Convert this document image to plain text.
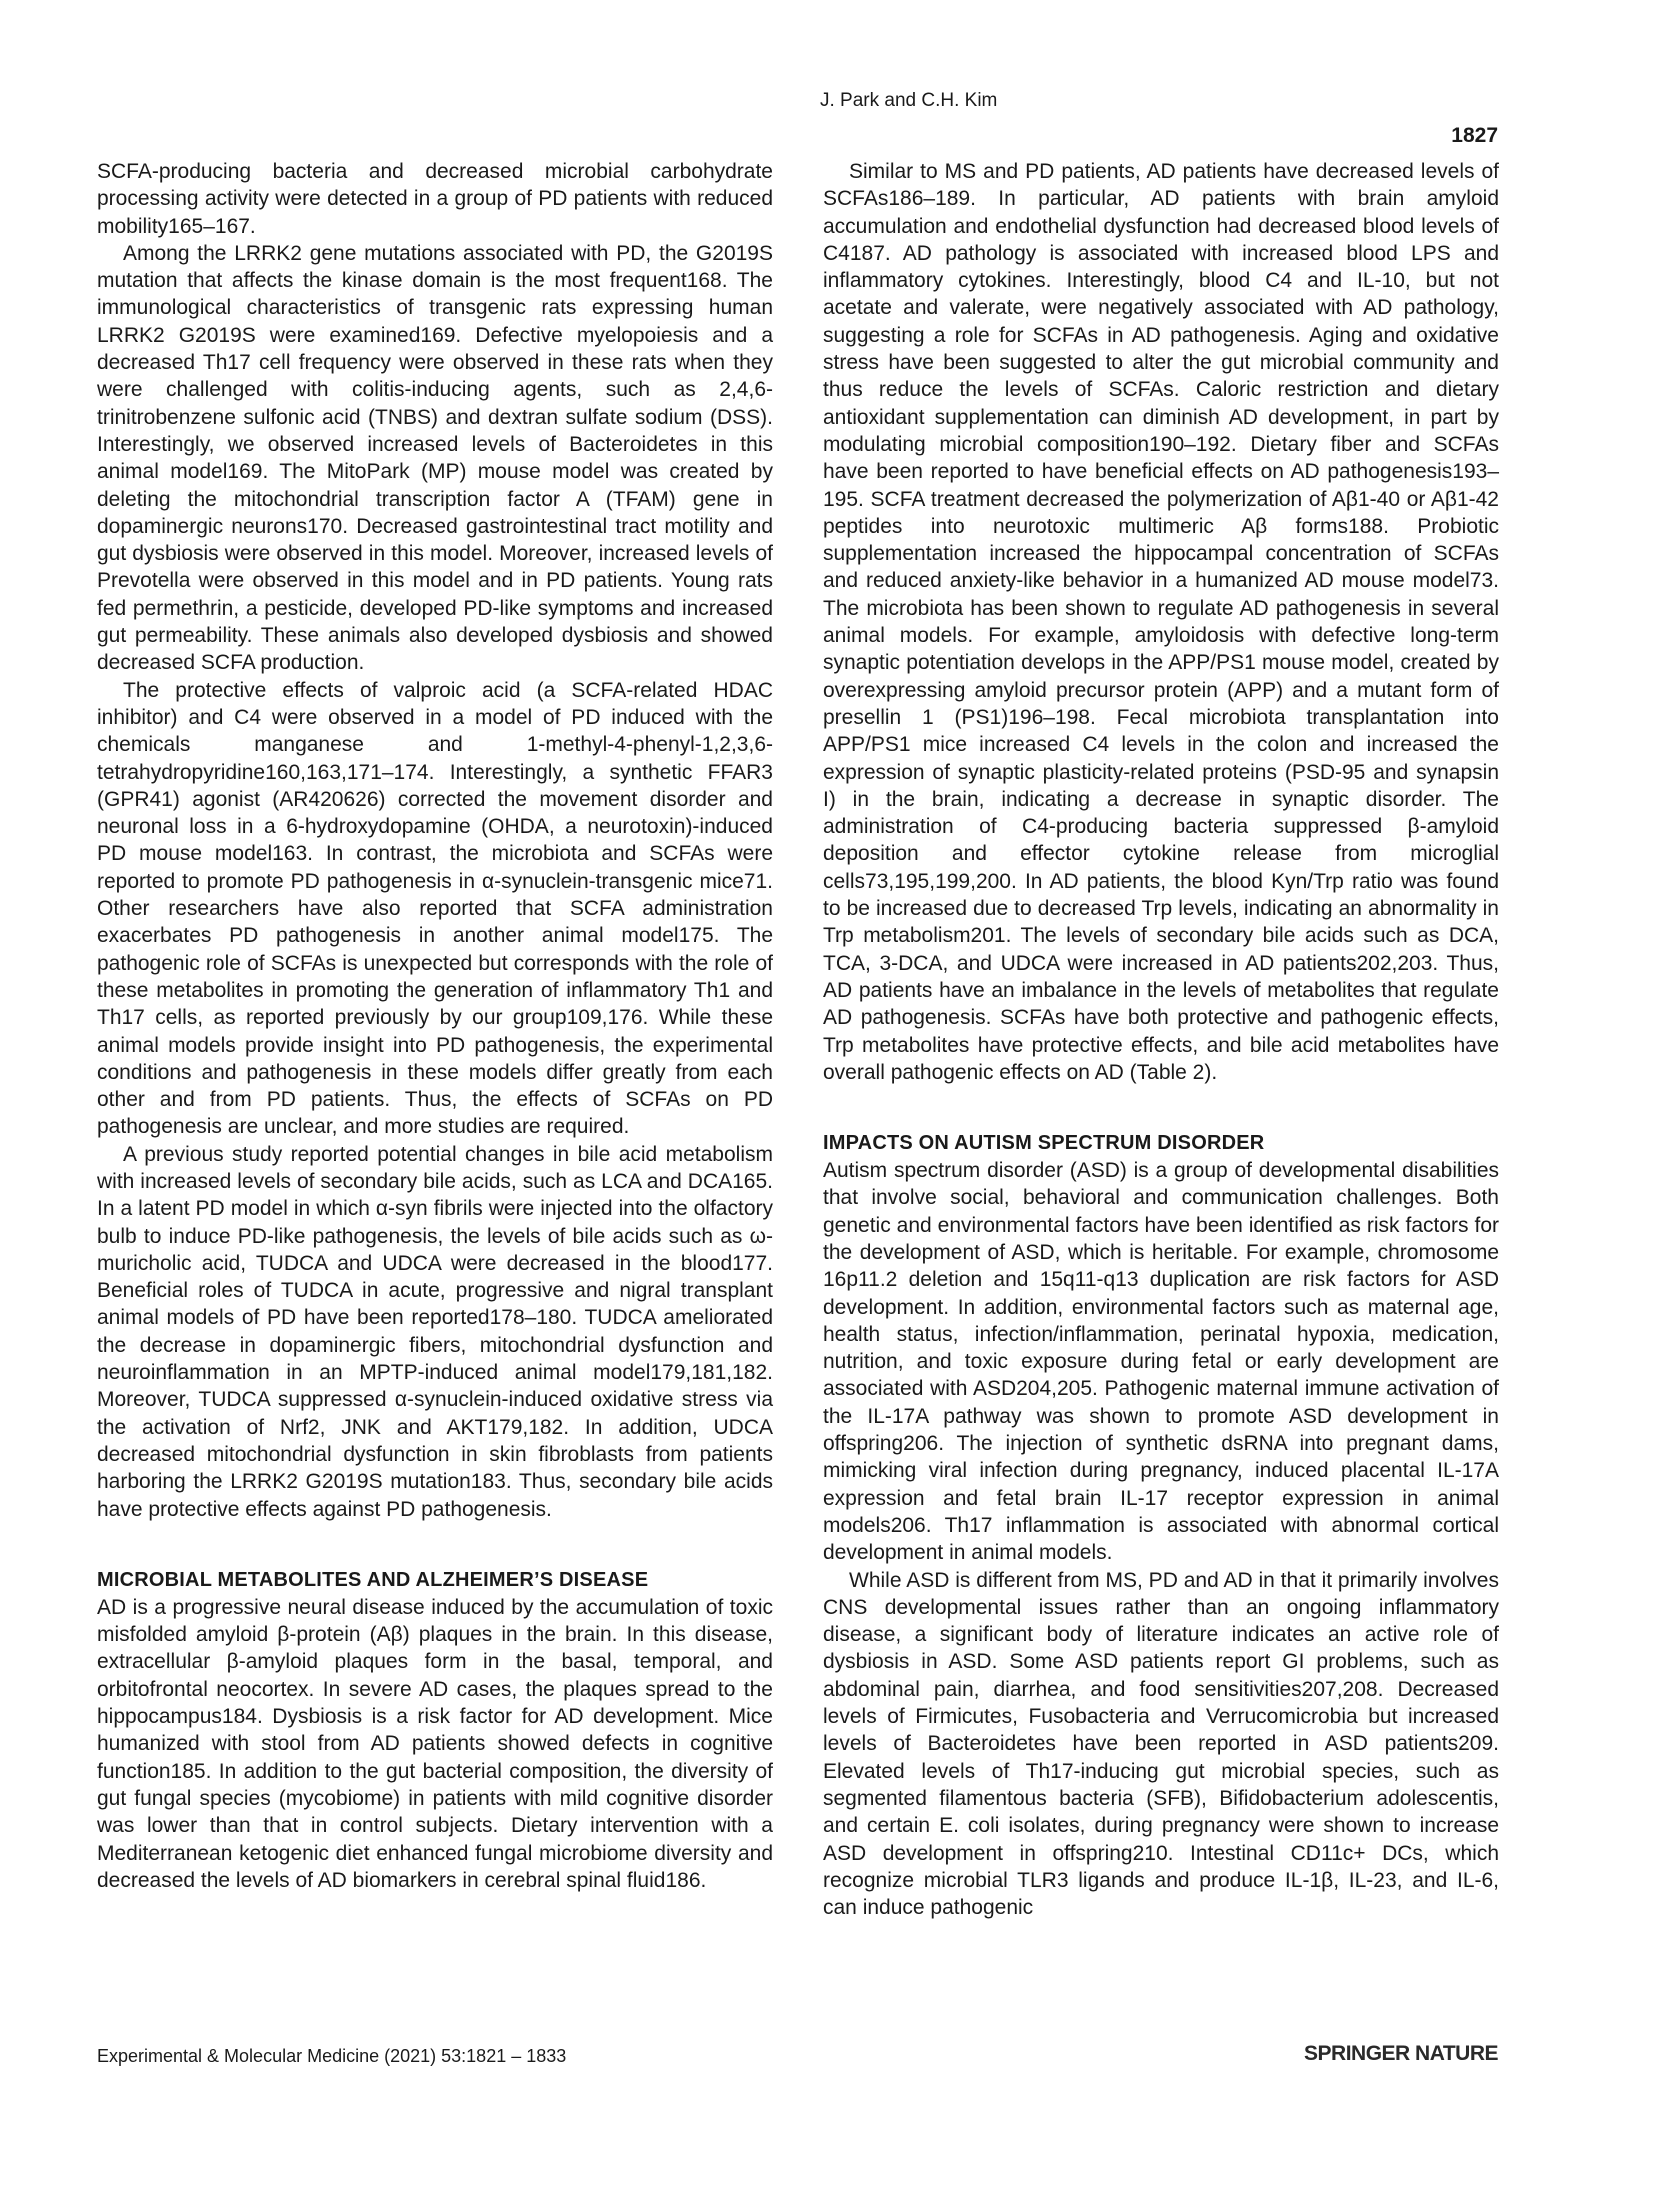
J. Park and C.H. Kim
1827

SCFA-producing bacteria and decreased microbial carbohydrate processing activity were detected in a group of PD patients with reduced mobility165–167.

Among the LRRK2 gene mutations associated with PD, the G2019S mutation that affects the kinase domain is the most frequent168. The immunological characteristics of transgenic rats expressing human LRRK2 G2019S were examined169. Defective myelopoiesis and a decreased Th17 cell frequency were observed in these rats when they were challenged with colitis-inducing agents, such as 2,4,6-trinitrobenzene sulfonic acid (TNBS) and dextran sulfate sodium (DSS). Interestingly, we observed increased levels of Bacteroidetes in this animal model169. The MitoPark (MP) mouse model was created by deleting the mitochondrial transcription factor A (TFAM) gene in dopaminergic neurons170. Decreased gastrointestinal tract motility and gut dysbiosis were observed in this model. Moreover, increased levels of Prevotella were observed in this model and in PD patients. Young rats fed permethrin, a pesticide, developed PD-like symptoms and increased gut permeability. These animals also developed dysbiosis and showed decreased SCFA production.

The protective effects of valproic acid (a SCFA-related HDAC inhibitor) and C4 were observed in a model of PD induced with the chemicals manganese and 1-methyl-4-phenyl-1,2,3,6-tetrahydropyridine160,163,171–174. Interestingly, a synthetic FFAR3 (GPR41) agonist (AR420626) corrected the movement disorder and neuronal loss in a 6-hydroxydopamine (OHDA, a neurotoxin)-induced PD mouse model163. In contrast, the microbiota and SCFAs were reported to promote PD pathogenesis in α-synuclein-transgenic mice71. Other researchers have also reported that SCFA administration exacerbates PD pathogenesis in another animal model175. The pathogenic role of SCFAs is unexpected but corresponds with the role of these metabolites in promoting the generation of inflammatory Th1 and Th17 cells, as reported previously by our group109,176. While these animal models provide insight into PD pathogenesis, the experimental conditions and pathogenesis in these models differ greatly from each other and from PD patients. Thus, the effects of SCFAs on PD pathogenesis are unclear, and more studies are required.

A previous study reported potential changes in bile acid metabolism with increased levels of secondary bile acids, such as LCA and DCA165. In a latent PD model in which α-syn fibrils were injected into the olfactory bulb to induce PD-like pathogenesis, the levels of bile acids such as ω-muricholic acid, TUDCA and UDCA were decreased in the blood177. Beneficial roles of TUDCA in acute, progressive and nigral transplant animal models of PD have been reported178–180. TUDCA ameliorated the decrease in dopaminergic fibers, mitochondrial dysfunction and neuroinflammation in an MPTP-induced animal model179,181,182. Moreover, TUDCA suppressed α-synuclein-induced oxidative stress via the activation of Nrf2, JNK and AKT179,182. In addition, UDCA decreased mitochondrial dysfunction in skin fibroblasts from patients harboring the LRRK2 G2019S mutation183. Thus, secondary bile acids have protective effects against PD pathogenesis.

MICROBIAL METABOLITES AND ALZHEIMER’S DISEASE

AD is a progressive neural disease induced by the accumulation of toxic misfolded amyloid β-protein (Aβ) plaques in the brain. In this disease, extracellular β-amyloid plaques form in the basal, temporal, and orbitofrontal neocortex. In severe AD cases, the plaques spread to the hippocampus184. Dysbiosis is a risk factor for AD development. Mice humanized with stool from AD patients showed defects in cognitive function185. In addition to the gut bacterial composition, the diversity of gut fungal species (mycobiome) in patients with mild cognitive disorder was lower than that in control subjects. Dietary intervention with a Mediterranean ketogenic diet enhanced fungal microbiome diversity and decreased the levels of AD biomarkers in cerebral spinal fluid186.

Similar to MS and PD patients, AD patients have decreased levels of SCFAs186–189. In particular, AD patients with brain amyloid accumulation and endothelial dysfunction had decreased blood levels of C4187. AD pathology is associated with increased blood LPS and inflammatory cytokines. Interestingly, blood C4 and IL-10, but not acetate and valerate, were negatively associated with AD pathology, suggesting a role for SCFAs in AD pathogenesis. Aging and oxidative stress have been suggested to alter the gut microbial community and thus reduce the levels of SCFAs. Caloric restriction and dietary antioxidant supplementation can diminish AD development, in part by modulating microbial composition190–192. Dietary fiber and SCFAs have been reported to have beneficial effects on AD pathogenesis193–195. SCFA treatment decreased the polymerization of Aβ1-40 or Aβ1-42 peptides into neurotoxic multimeric Aβ forms188. Probiotic supplementation increased the hippocampal concentration of SCFAs and reduced anxiety-like behavior in a humanized AD mouse model73. The microbiota has been shown to regulate AD pathogenesis in several animal models. For example, amyloidosis with defective long-term synaptic potentiation develops in the APP/PS1 mouse model, created by overexpressing amyloid precursor protein (APP) and a mutant form of presellin 1 (PS1)196–198. Fecal microbiota transplantation into APP/PS1 mice increased C4 levels in the colon and increased the expression of synaptic plasticity-related proteins (PSD-95 and synapsin I) in the brain, indicating a decrease in synaptic disorder. The administration of C4-producing bacteria suppressed β-amyloid deposition and effector cytokine release from microglial cells73,195,199,200. In AD patients, the blood Kyn/Trp ratio was found to be increased due to decreased Trp levels, indicating an abnormality in Trp metabolism201. The levels of secondary bile acids such as DCA, TCA, 3-DCA, and UDCA were increased in AD patients202,203. Thus, AD patients have an imbalance in the levels of metabolites that regulate AD pathogenesis. SCFAs have both protective and pathogenic effects, Trp metabolites have protective effects, and bile acid metabolites have overall pathogenic effects on AD (Table 2).

IMPACTS ON AUTISM SPECTRUM DISORDER

Autism spectrum disorder (ASD) is a group of developmental disabilities that involve social, behavioral and communication challenges. Both genetic and environmental factors have been identified as risk factors for the development of ASD, which is heritable. For example, chromosome 16p11.2 deletion and 15q11-q13 duplication are risk factors for ASD development. In addition, environmental factors such as maternal age, health status, infection/inflammation, perinatal hypoxia, medication, nutrition, and toxic exposure during fetal or early development are associated with ASD204,205. Pathogenic maternal immune activation of the IL-17A pathway was shown to promote ASD development in offspring206. The injection of synthetic dsRNA into pregnant dams, mimicking viral infection during pregnancy, induced placental IL-17A expression and fetal brain IL-17 receptor expression in animal models206. Th17 inflammation is associated with abnormal cortical development in animal models.

While ASD is different from MS, PD and AD in that it primarily involves CNS developmental issues rather than an ongoing inflammatory disease, a significant body of literature indicates an active role of dysbiosis in ASD. Some ASD patients report GI problems, such as abdominal pain, diarrhea, and food sensitivities207,208. Decreased levels of Firmicutes, Fusobacteria and Verrucomicrobia but increased levels of Bacteroidetes have been reported in ASD patients209. Elevated levels of Th17-inducing gut microbial species, such as segmented filamentous bacteria (SFB), Bifidobacterium adolescentis, and certain E. coli isolates, during pregnancy were shown to increase ASD development in offspring210. Intestinal CD11c+ DCs, which recognize microbial TLR3 ligands and produce IL-1β, IL-23, and IL-6, can induce pathogenic

Experimental & Molecular Medicine (2021) 53:1821 – 1833	SPRINGER NATURE
